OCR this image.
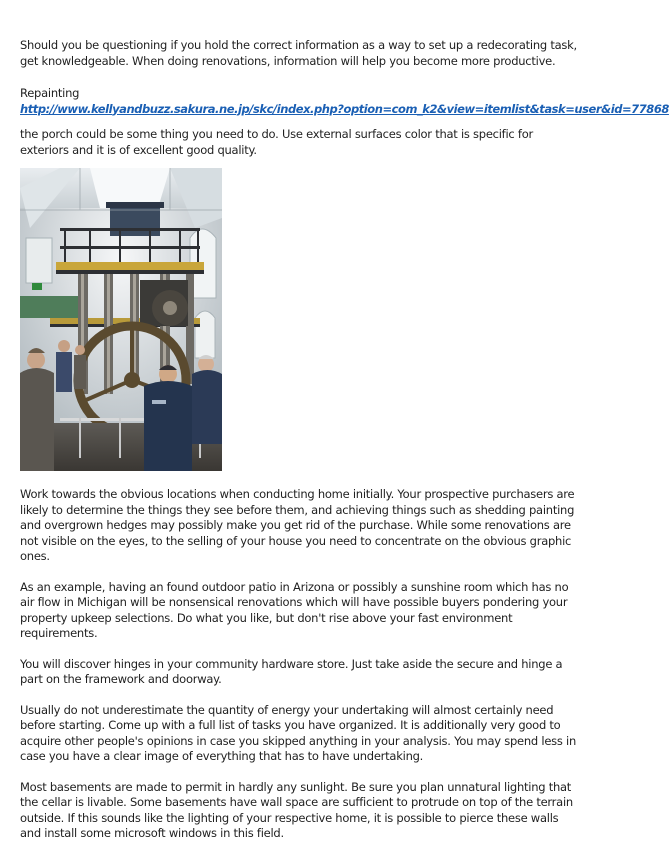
Should you be questioning if you hold the correct information as a way to set up a redecorating task, get knowledgeable. When doing renovations, information will help you become more productive.

Repainting

http://www.kellyandbuzz.sakura.ne.jp/skc/index.php?option=com_k2&view=itemlist&task=user&id=77868

the porch could be some thing you need to do. Use external surfaces color that is specific for exteriors and it is of excellent good quality.

Work towards the obvious locations when conducting home initially. Your prospective purchasers are likely to determine the things they see before them, and achieving things such as shedding painting and overgrown hedges may possibly make you get rid of the purchase. While some renovations are not visible on the eyes, to the selling of your house you need to concentrate on the obvious graphic ones.

As an example, having an found outdoor patio in Arizona or possibly a sunshine room which has no air flow in Michigan will be nonsensical renovations which will have possible buyers pondering your property upkeep selections. Do what you like, but don't rise above your fast environment requirements.

You will discover hinges in your community hardware store. Just take aside the secure and hinge a part on the framework and doorway.

Usually do not underestimate the quantity of energy your undertaking will almost certainly need before starting. Come up with a full list of tasks you have organized. It is additionally very good to acquire other people's opinions in case you skipped anything in your analysis. You may spend less in case you have a clear image of everything that has to have undertaking.

Most basements are made to permit in hardly any sunlight. Be sure you plan unnatural lighting that the cellar is livable. Some basements have wall space are sufficient to protrude on top of the terrain outside. If this sounds like the lighting of your respective home, it is possible to pierce these walls and install some microsoft windows in this field.
